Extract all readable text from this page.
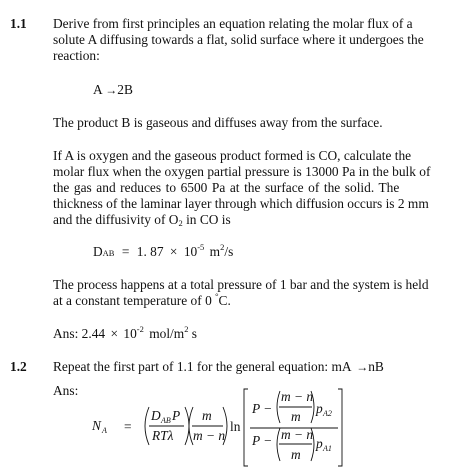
1.1 Derive from first principles an equation relating the molar flux of a
solute A diffusing towards a flat, solid surface where it undergoes the
reaction:
A →2B
The product B is gaseous and diffuses away from the surface.
If A is oxygen and the gaseous product formed is CO, calculate the
molar flux when the oxygen partial pressure is 13000 Pa in the bulk of
the gas and reduces to 6500 Pa at the surface of the solid. The
thickness of the laminar layer through which diffusion occurs is 2 mm
and the diffusivity of $O_2$ in CO is
DAB = 1. $87 \times 10^{-5}$ $m^2/s$
The process happens at a total pressure of 1 bar and the system is held
at a constant temperature of 0 °C.
Ans: $2.44 \times 10^{-2}$ mol/$m^2$ s
1.2 Repeat the first part of 1.1 for the general equation: mA →nB
Ans:
N A =
D AB P
RTλ
m
m − n
ln
P −
m − n
m
p A2
P − m − n
m
p A1
